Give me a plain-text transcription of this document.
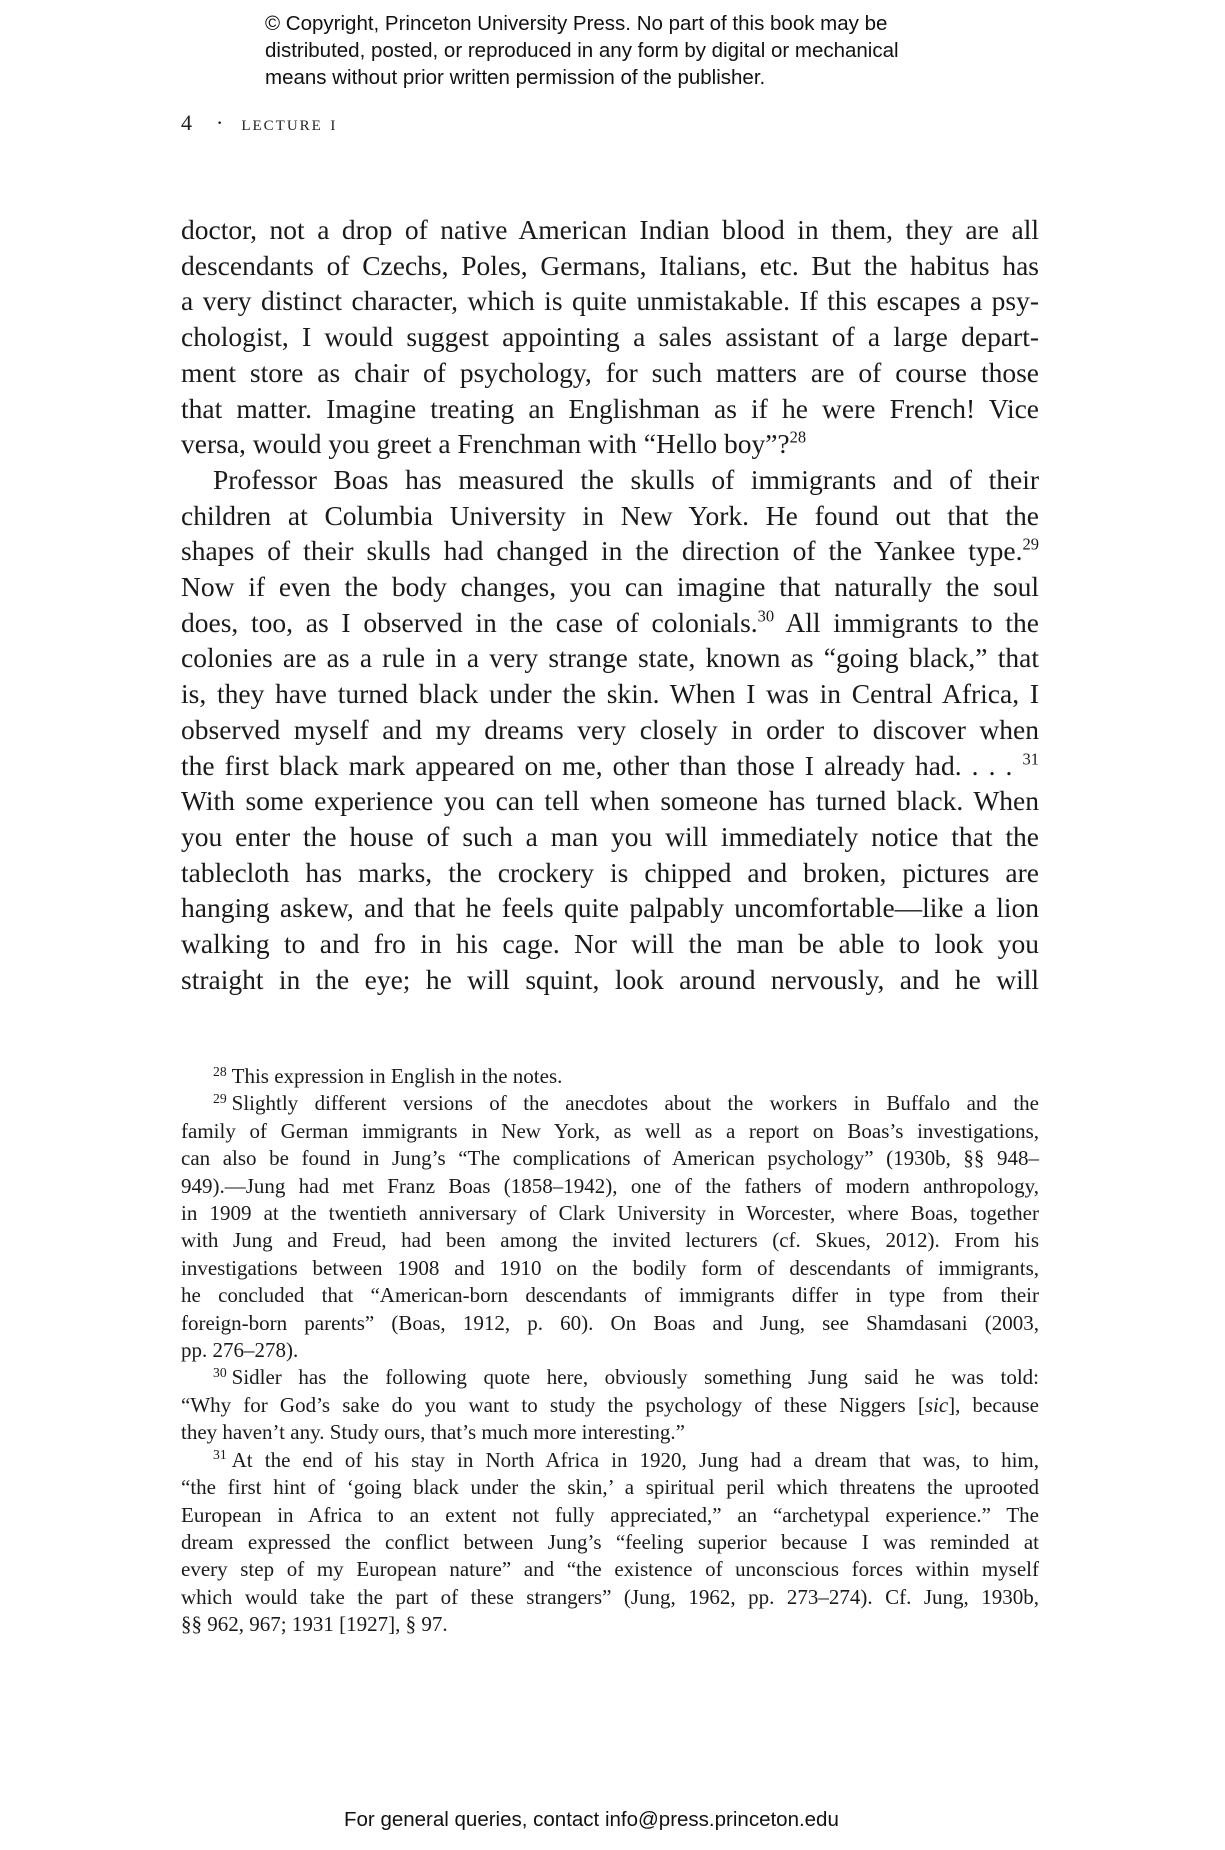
© Copyright, Princeton University Press. No part of this book may be
distributed, posted, or reproduced in any form by digital or mechanical
means without prior written permission of the publisher.
4 · lecture i

doctor, not a drop of native American Indian blood in them, they are all
descendants of Czechs, Poles, Germans, Italians, etc. But the habitus has
a very distinct character, which is quite unmistakable. If this escapes a psy-
chologist, I would suggest appointing a sales assistant of a large depart-
ment store as chair of psychology, for such matters are of course those
that matter. Imagine treating an Englishman as if he were French! Vice
versa, would you greet a Frenchman with “Hello boy”?$^{28}$

Professor Boas has measured the skulls of immigrants and of their
children at Columbia University in New York. He found out that the
shapes of their skulls had changed in the direction of the Yankee type.$^{29}$
Now if even the body changes, you can imagine that naturally the soul
does, too, as I observed in the case of colonials.$^{30}$ All immigrants to the
colonies are as a rule in a very strange state, known as “going black,” that
is, they have turned black under the skin. When I was in Central Africa, I
observed myself and my dreams very closely in order to discover when
the first black mark appeared on me, other than those I already had. . . . $^{31}$
With some experience you can tell when someone has turned black. When
you enter the house of such a man you will immediately notice that the
tablecloth has marks, the crockery is chipped and broken, pictures are
hanging askew, and that he feels quite palpably uncomfortable—like a lion
walking to and fro in his cage. Nor will the man be able to look you
straight in the eye; he will squint, look around nervously, and he will

$^{28}$ This expression in English in the notes.

$^{29}$ Slightly different versions of the anecdotes about the workers in Buffalo and the
family of German immigrants in New York, as well as a report on Boas’s investigations,
can also be found in Jung’s “The complications of American psychology” (1930b, §§ 948–
949).—Jung had met Franz Boas (1858–1942), one of the fathers of modern anthropology,
in 1909 at the twentieth anniversary of Clark University in Worcester, where Boas, together
with Jung and Freud, had been among the invited lecturers (cf. Skues, 2012). From his
investigations between 1908 and 1910 on the bodily form of descendants of immigrants,
he concluded that “American-born descendants of immigrants differ in type from their
foreign-born parents” (Boas, 1912, p. 60). On Boas and Jung, see Shamdasani (2003,
pp. 276–278).

$^{30}$ Sidler has the following quote here, obviously something Jung said he was told:
“Why for God’s sake do you want to study the psychology of these Niggers [sic], because
they haven’t any. Study ours, that’s much more interesting.”

$^{31}$ At the end of his stay in North Africa in 1920, Jung had a dream that was, to him,
“the first hint of ‘going black under the skin,’ a spiritual peril which threatens the uprooted
European in Africa to an extent not fully appreciated,” an “archetypal experience.” The
dream expressed the conflict between Jung’s “feeling superior because I was reminded at
every step of my European nature” and “the existence of unconscious forces within myself
which would take the part of these strangers” (Jung, 1962, pp. 273–274). Cf. Jung, 1930b,
§§ 962, 967; 1931 [1927], § 97.

For general queries, contact info@press.princeton.edu
